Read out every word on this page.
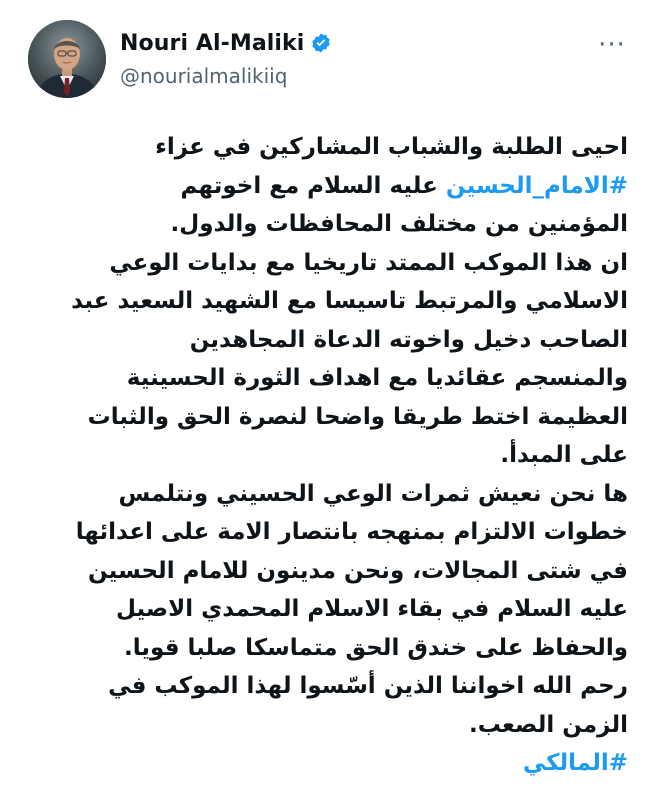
Nouri Al-Maliki
@nourialmalikiiq
···
احيى الطلبة والشباب المشاركين في عزاء
#الامام_الحسين عليه السلام مع اخوتهم
المؤمنين من مختلف المحافظات والدول.
ان هذا الموكب الممتد تاريخيا مع بدايات الوعي
الاسلامي والمرتبط تاسيسا مع الشهيد السعيد عبد
الصاحب دخيل واخوته الدعاة المجاهدين
والمنسجم عقائديا مع اهداف الثورة الحسينية
العظيمة اختط طريقا واضحا لنصرة الحق والثبات
على المبدأ.
ها نحن نعيش ثمرات الوعي الحسيني ونتلمس
خطوات الالتزام بمنهجه بانتصار الامة على اعدائها
في شتى المجالات، ونحن مدينون للامام الحسين
عليه السلام في بقاء الاسلام المحمدي الاصيل
والحفاظ على خندق الحق متماسكا صلبا قويا.
رحم الله اخواننا الذين أسّسوا لهذا الموكب في
الزمن الصعب.
#المالكي
